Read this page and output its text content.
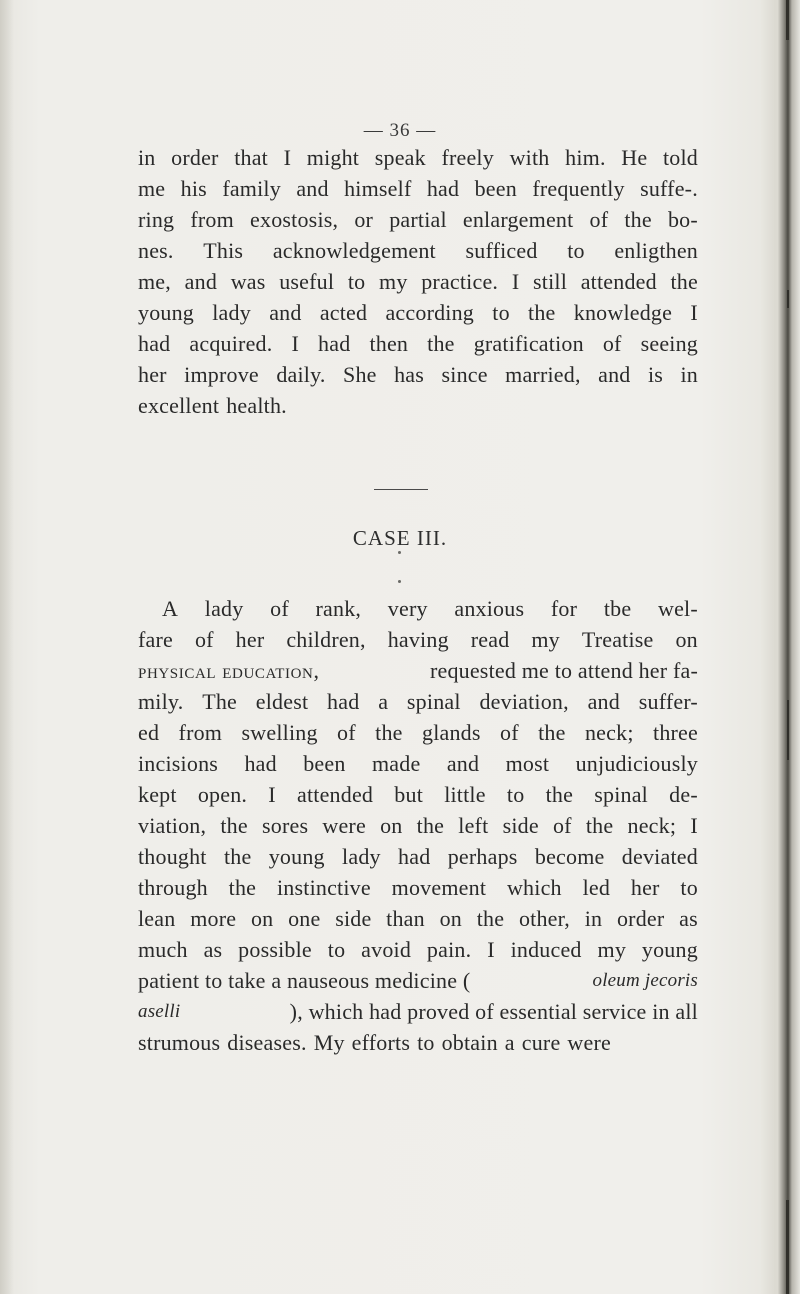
— 36 —
in order that I might speak freely with him. He told
me his family and himself had been frequently suffe-.
ring from exostosis, or partial enlargement of the bo-
nes. This acknowledgement sufficed to enligthen
me, and was useful to my practice. I still attended the
young lady and acted according to the knowledge I
had acquired. I had then the gratification of seeing
her improve daily. She has since married, and is in
excellent health.
CASE III.
A lady of rank, very anxious for tbe wel-
fare of her children, having read my Treatise on
physical education,	requested me to attend her fa-
mily. The eldest had a spinal deviation, and suffer-
ed from swelling of the glands of the neck; three
incisions had been made and most unjudiciously
kept open. I attended but little to the spinal de-
viation, the sores were on the left side of the neck; I
thought the young lady had perhaps become deviated
through the instinctive movement which led her to
lean more on one side than on the other, in order as
much as possible to avoid pain. I induced my young
patient to take a nauseous medicine (	oleum jecoris
aselli	), which had proved of essential service in all
strumous diseases. My efforts to obtain a cure were
